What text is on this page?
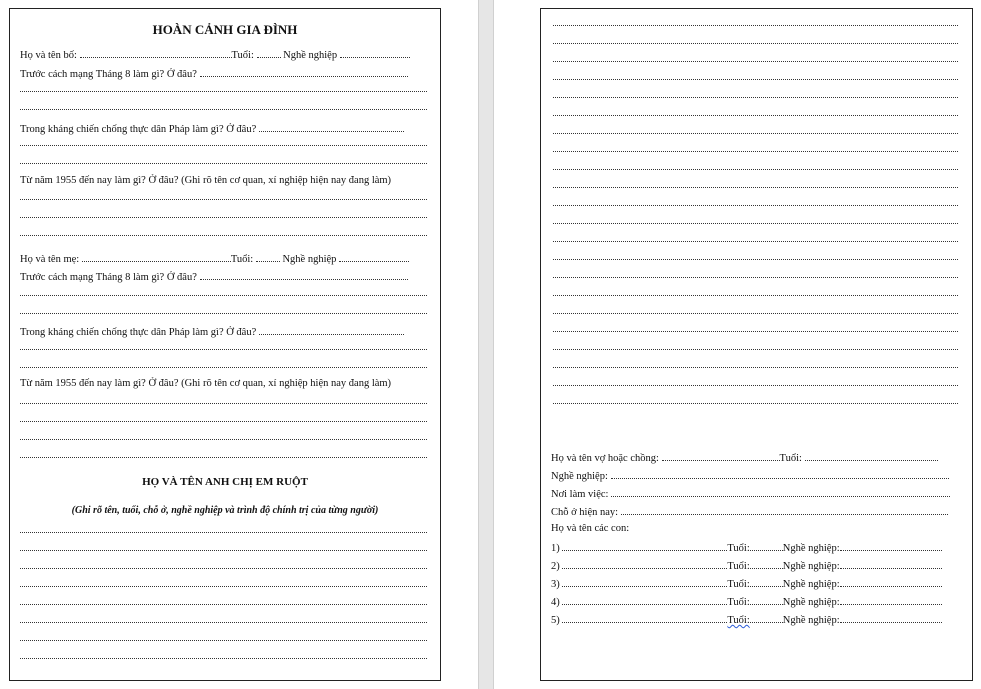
HOÀN CẢNH GIA ĐÌNH
Họ và tên bố:	Tuổi:	Nghề nghiệp
Trước cách mạng Tháng 8 làm gì? Ở đâu?
Trong kháng chiến chống thực dân Pháp làm gì? Ở đâu?
Từ năm 1955 đến nay làm gì? Ở đâu? (Ghi rõ tên cơ quan, xí nghiệp hiện nay đang làm)
Họ và tên mẹ:	Tuổi:	Nghề nghiệp
Trước cách mạng Tháng 8 làm gì? Ở đâu?
Trong kháng chiến chống thực dân Pháp làm gì? Ở đâu?
Từ năm 1955 đến nay làm gì? Ở đâu? (Ghi rõ tên cơ quan, xí nghiệp hiện nay đang làm)
HỌ VÀ TÊN ANH CHỊ EM RUỘT
(Ghi rõ tên, tuổi, chỗ ở, nghề nghiệp và trình độ chính trị của từng người)
Họ và tên vợ hoặc chồng:	Tuổi:
Nghề nghiệp:
Nơi làm việc:
Chỗ ở hiện nay:
Họ và tên các con:
1)	Tuổi:	Nghề nghiệp:
2)	Tuổi:	Nghề nghiệp:
3)	Tuổi:	Nghề nghiệp:
4)	Tuổi:	Nghề nghiệp:
5)	Tuổi:	Nghề nghiệp:
